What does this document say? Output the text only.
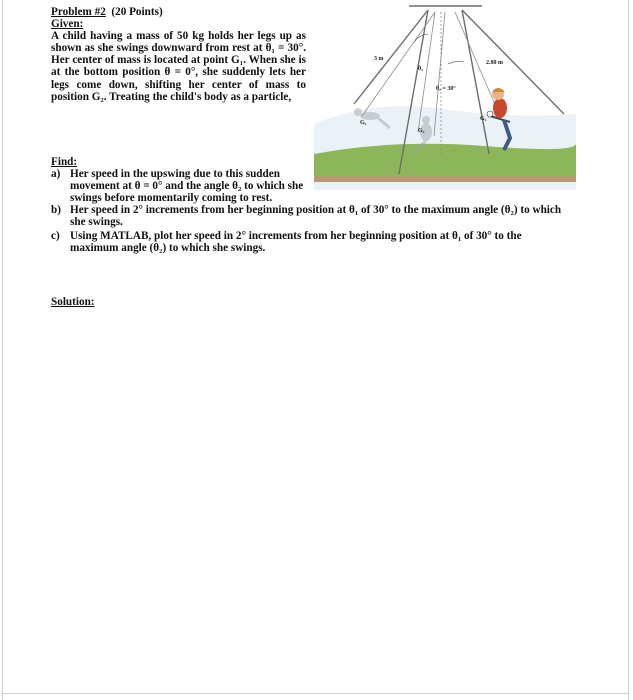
Problem #2 (20 Points)
Given:

A child having a mass of 50 kg holds her legs up as shown as she swings downward from rest at θ₁ = 30°. Her center of mass is located at point G₁. When she is at the bottom position θ = 0°, she suddenly lets her legs come down, shifting her center of mass to position G₂. Treating the child's body as a particle,

Find:
a) Her speed in the upswing due to this sudden movement at θ = 0° and the angle θ₂ to which she swings before momentarily coming to rest.
b) Her speed in 2° increments from her beginning position at θ₁ of 30° to the maximum angle (θ₂) to which she swings.
c) Using MATLAB, plot her speed in 2° increments from her beginning position at θ₁ of 30° to the maximum angle (θ₂) to which she swings.
Solution:
3 m
2.80 m
θ₂
θ₁ = 30°
G₂
G₂
G₁
